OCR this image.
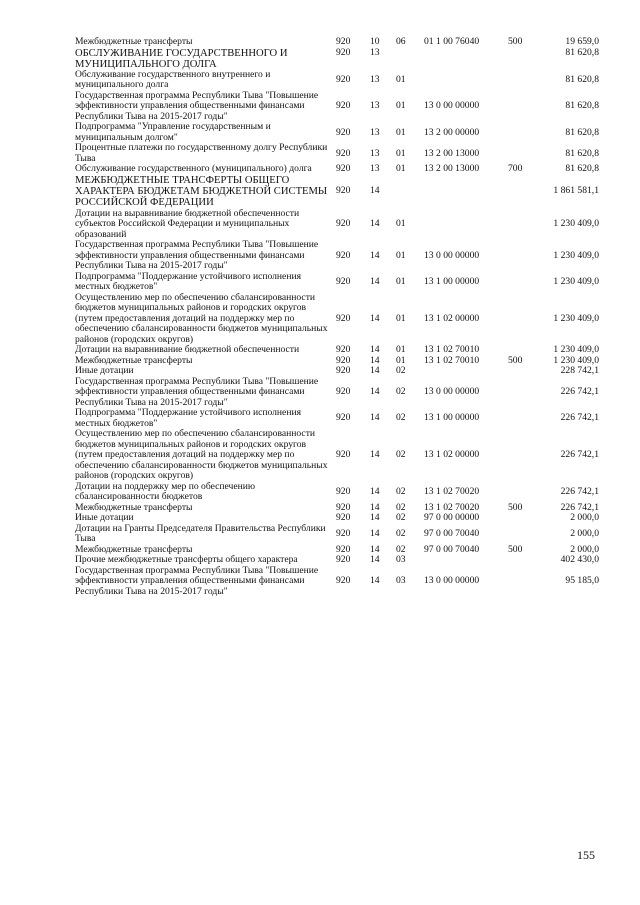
Межбюджетные трансферты	920	10	06	01 1 00 76040	500	19 659,0
ОБСЛУЖИВАНИЕ ГОСУДАРСТВЕННОГО И МУНИЦИПАЛЬНОГО ДОЛГА	920	13				81 620,8
Обслуживание государственного внутреннего и муниципального долга	920	13	01			81 620,8
Государственная программа Республики Тыва "Повышение эффективности управления общественными финансами Республики Тыва на 2015-2017 годы"	920	13	01	13 0 00 00000		81 620,8
Подпрограмма "Управление государственным и муниципальным долгом"	920	13	01	13 2 00 00000		81 620,8
Процентные платежи по государственному долгу Республики Тыва	920	13	01	13 2 00 13000		81 620,8
Обслуживание государственного (муниципального) долга	920	13	01	13 2 00 13000	700	81 620,8
МЕЖБЮДЖЕТНЫЕ ТРАНСФЕРТЫ ОБЩЕГО ХАРАКТЕРА БЮДЖЕТАМ БЮДЖЕТНОЙ СИСТЕМЫ РОССИЙСКОЙ ФЕДЕРАЦИИ	920	14				1 861 581,1
Дотации на выравнивание бюджетной обеспеченности субъектов Российской Федерации и муниципальных образований	920	14	01			1 230 409,0
Государственная программа Республики Тыва "Повышение эффективности управления общественными финансами Республики Тыва на 2015-2017 годы"	920	14	01	13 0 00 00000		1 230 409,0
Подпрограмма "Поддержание устойчивого исполнения местных бюджетов"	920	14	01	13 1 00 00000		1 230 409,0
Осуществлению мер по обеспечению сбалансированности бюджетов муниципальных районов и городских округов (путем предоставления дотаций на поддержку мер по обеспечению сбалансированности бюджетов муниципальных районов (городских округов)	920	14	01	13 1 02 00000		1 230 409,0
Дотации на выравнивание бюджетной обеспеченности	920	14	01	13 1 02 70010		1 230 409,0
Межбюджетные трансферты	920	14	01	13 1 02 70010	500	1 230 409,0
Иные дотации	920	14	02			228 742,1
Государственная программа Республики Тыва "Повышение эффективности управления общественными финансами Республики Тыва на 2015-2017 годы"	920	14	02	13 0 00 00000		226 742,1
Подпрограмма "Поддержание устойчивого исполнения местных бюджетов"	920	14	02	13 1 00 00000		226 742,1
Осуществлению мер по обеспечению сбалансированности бюджетов муниципальных районов и городских округов (путем предоставления дотаций на поддержку мер по обеспечению сбалансированности бюджетов муниципальных районов (городских округов)	920	14	02	13 1 02 00000		226 742,1
Дотации на поддержку мер по обеспечению сбалансированности бюджетов	920	14	02	13 1 02 70020		226 742,1
Межбюджетные трансферты	920	14	02	13 1 02 70020	500	226 742,1
Иные дотации	920	14	02	97 0 00 00000		2 000,0
Дотации на Гранты Председателя Правительства Республики Тыва	920	14	02	97 0 00 70040		2 000,0
Межбюджетные трансферты	920	14	02	97 0 00 70040	500	2 000,0
Прочие межбюджетные трансферты общего характера	920	14	03			402 430,0
Государственная программа Республики Тыва "Повышение эффективности управления общественными финансами Республики Тыва на 2015-2017 годы"	920	14	03	13 0 00 00000		95 185,0
155
